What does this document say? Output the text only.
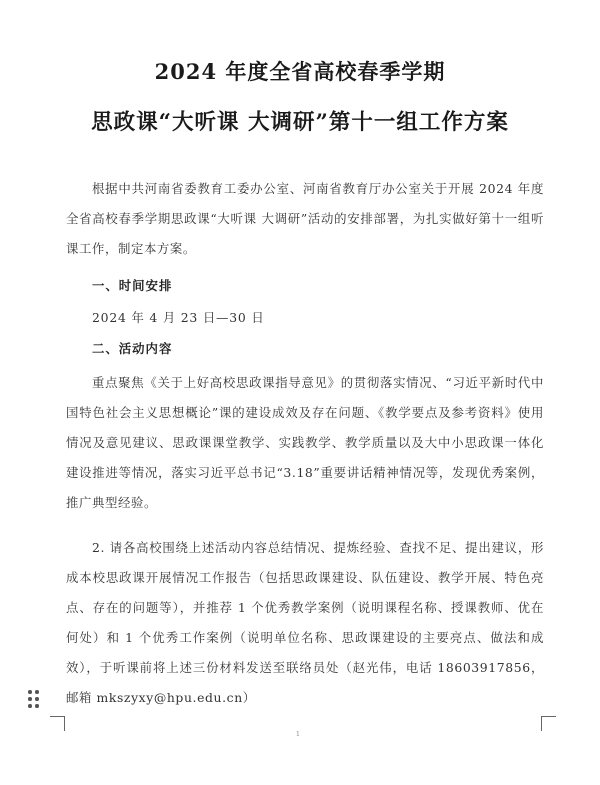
2024 年度全省高校春季学期
思政课“大听课 大调研”第十一组工作方案
根据中共河南省委教育工委办公室、河南省教育厅办公室关于开展 2024 年度全省高校春季学期思政课“大听课 大调研”活动的安排部署，为扎实做好第十一组听课工作，制定本方案。
一、时间安排
2024 年 4 月 23 日—30 日
二、活动内容
重点聚焦《关于上好高校思政课指导意见》的贯彻落实情况、“习近平新时代中国特色社会主义思想概论”课的建设成效及存在问题、《教学要点及参考资料》使用情况及意见建议、思政课课堂教学、实践教学、教学质量以及大中小思政课一体化建设推进等情况，落实习近平总书记“3.18”重要讲话精神情况等，发现优秀案例，推广典型经验。
2. 请各高校围绕上述活动内容总结情况、提炼经验、查找不足、提出建议，形成本校思政课开展情况工作报告（包括思政课建设、队伍建设、教学开展、特色亮点、存在的问题等），并推荐 1 个优秀教学案例（说明课程名称、授课教师、优在何处）和 1 个优秀工作案例（说明单位名称、思政课建设的主要亮点、做法和成效），于听课前将上述三份材料发送至联络员处（赵光伟，电话 18603917856，邮箱 mkszyxy@hpu.edu.cn）
1
